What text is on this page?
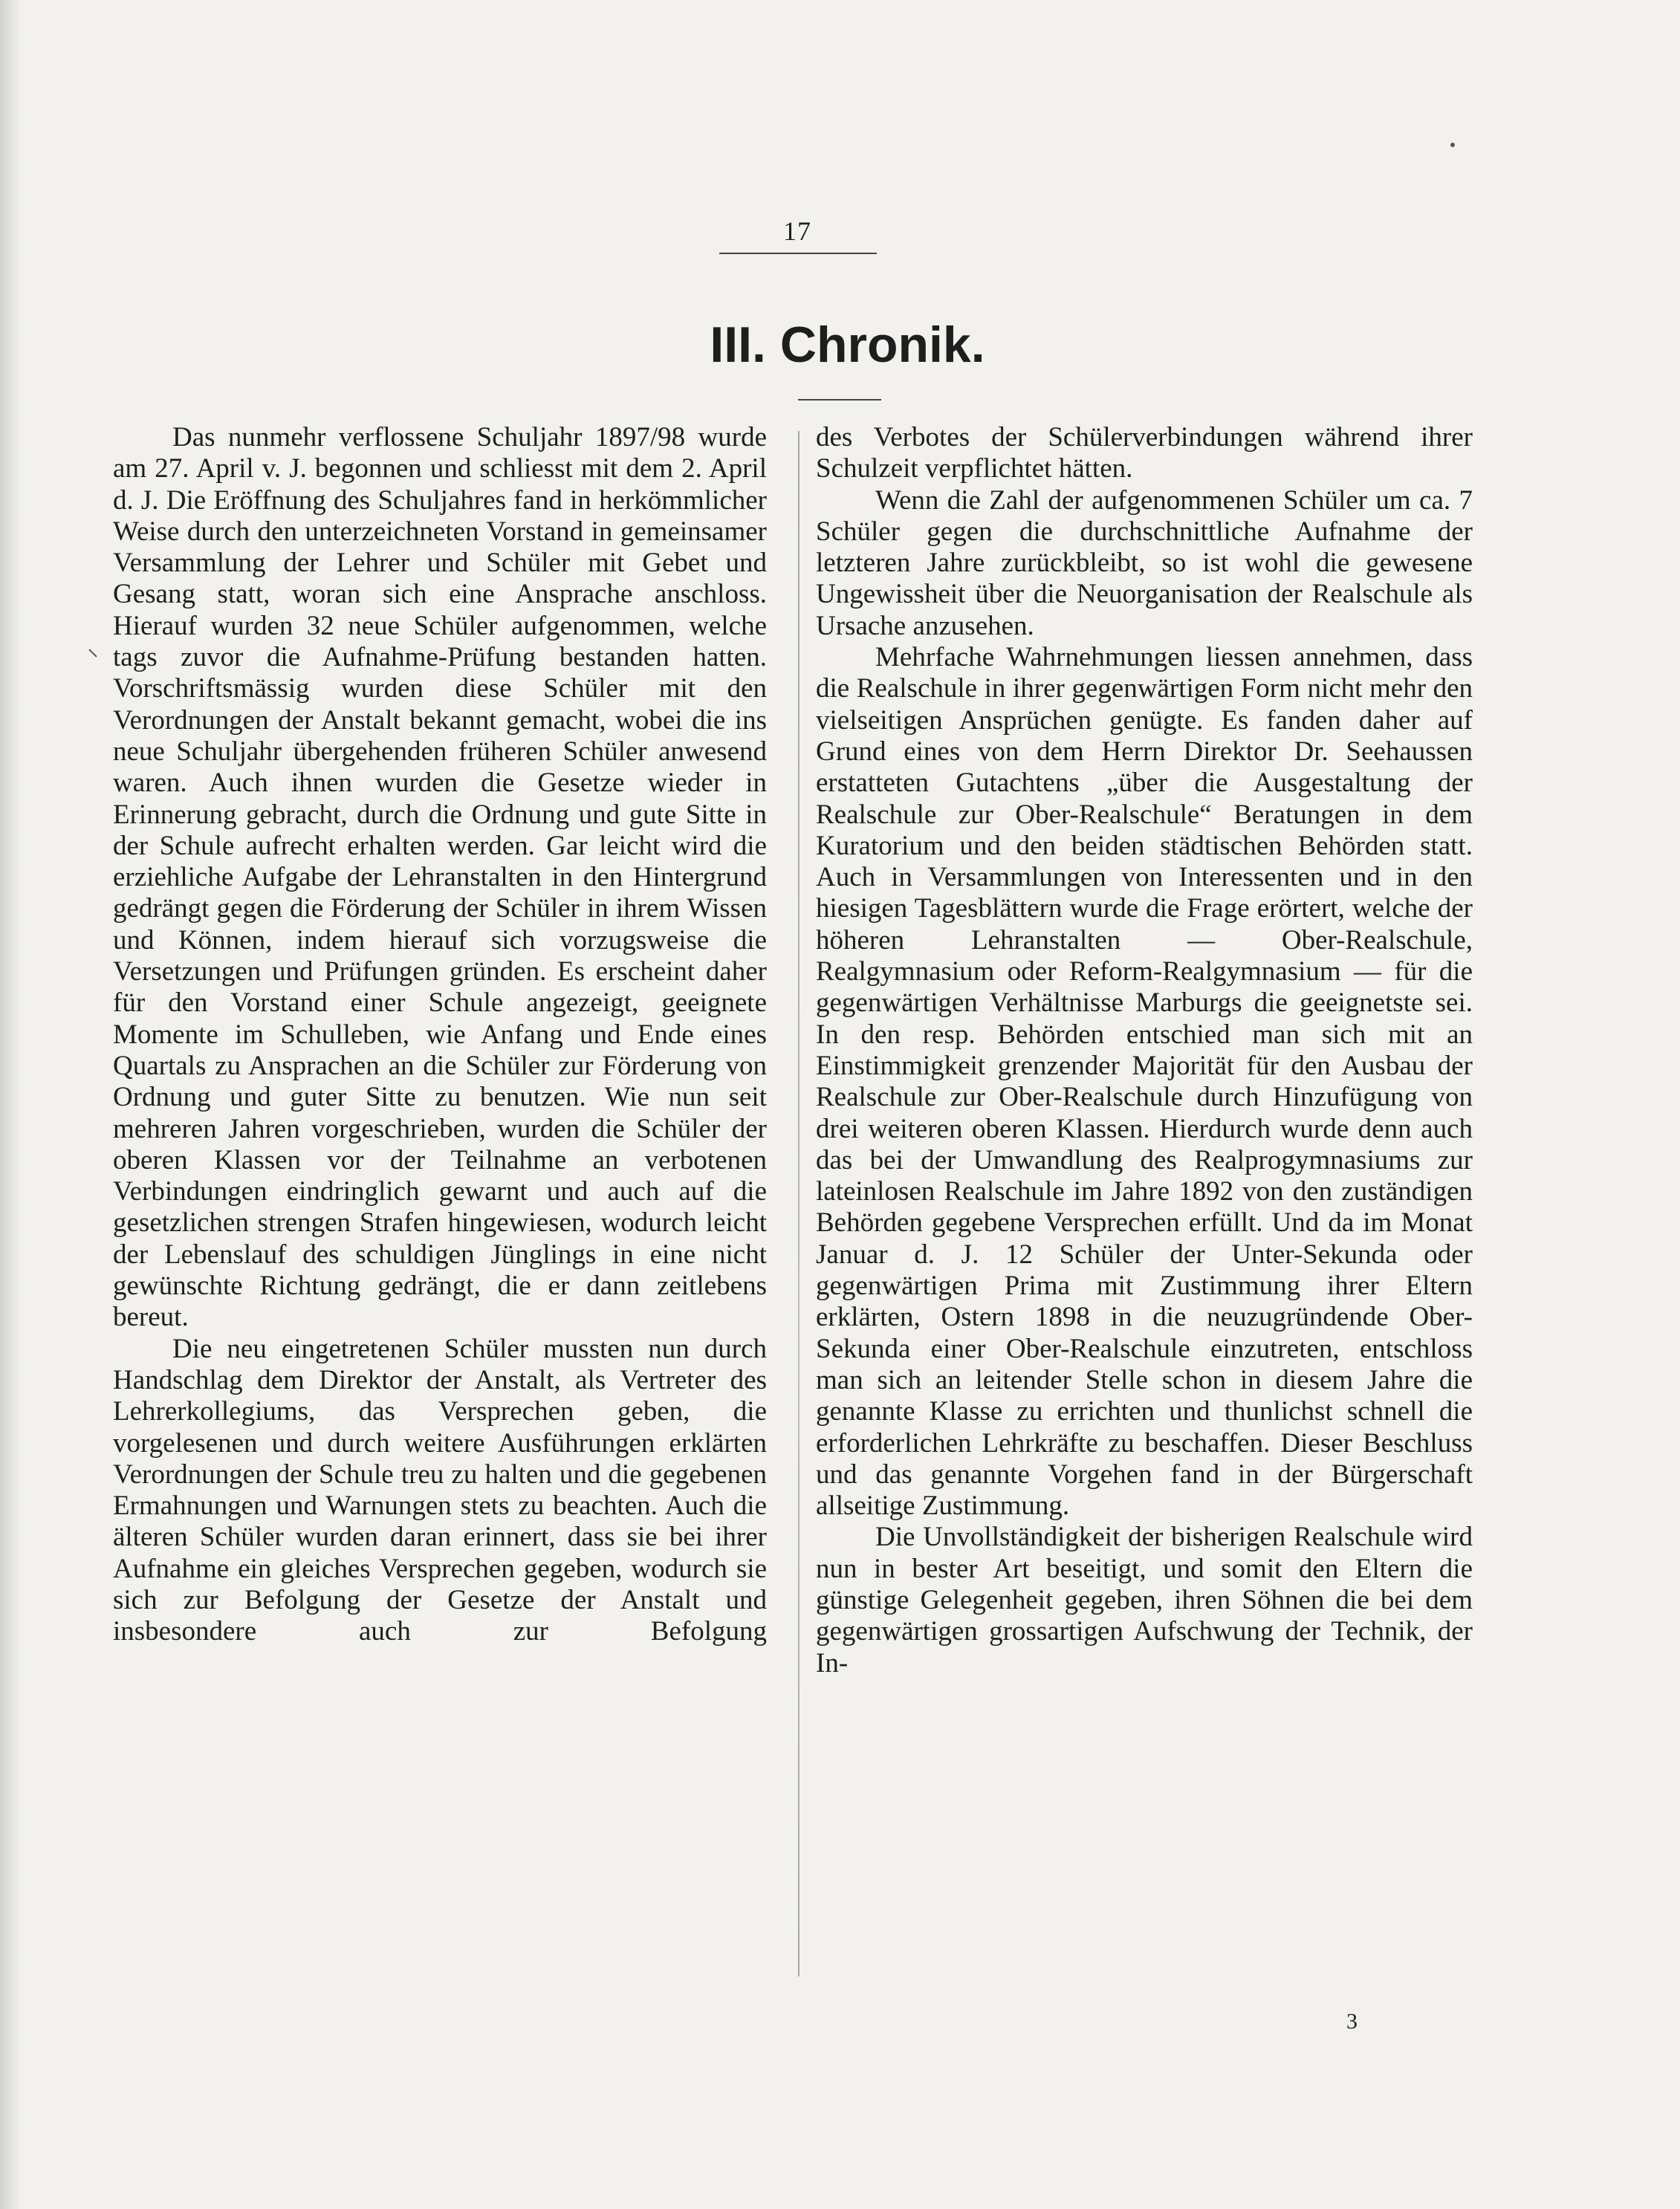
17
III. Chronik.

Das nunmehr verflossene Schuljahr 1897/98 wurde am 27. April v. J. begonnen und schliesst mit dem 2. April d. J. Die Eröffnung des Schuljahres fand in herkömmlicher Weise durch den unterzeichneten Vorstand in gemeinsamer Versammlung der Lehrer und Schüler mit Gebet und Gesang statt, woran sich eine Ansprache anschloss. Hierauf wurden 32 neue Schüler aufgenommen, welche tags zuvor die Aufnahme-Prüfung bestanden hatten. Vorschriftsmässig wurden diese Schüler mit den Verordnungen der Anstalt bekannt gemacht, wobei die ins neue Schuljahr übergehenden früheren Schüler anwesend waren. Auch ihnen wurden die Gesetze wieder in Erinnerung gebracht, durch die Ordnung und gute Sitte in der Schule aufrecht erhalten werden. Gar leicht wird die erziehliche Aufgabe der Lehranstalten in den Hintergrund gedrängt gegen die Förderung der Schüler in ihrem Wissen und Können, indem hierauf sich vorzugsweise die Versetzungen und Prüfungen gründen. Es erscheint daher für den Vorstand einer Schule angezeigt, geeignete Momente im Schulleben, wie Anfang und Ende eines Quartals zu Ansprachen an die Schüler zur Förderung von Ordnung und guter Sitte zu benutzen. Wie nun seit mehreren Jahren vorgeschrieben, wurden die Schüler der oberen Klassen vor der Teilnahme an verbotenen Verbindungen eindringlich gewarnt und auch auf die gesetzlichen strengen Strafen hingewiesen, wodurch leicht der Lebenslauf des schuldigen Jünglings in eine nicht gewünschte Richtung gedrängt, die er dann zeitlebens bereut.

Die neu eingetretenen Schüler mussten nun durch Handschlag dem Direktor der Anstalt, als Vertreter des Lehrerkollegiums, das Versprechen geben, die vorgelesenen und durch weitere Ausführungen erklärten Verordnungen der Schule treu zu halten und die gegebenen Ermahnungen und Warnungen stets zu beachten. Auch die älteren Schüler wurden daran erinnert, dass sie bei ihrer Aufnahme ein gleiches Versprechen gegeben, wodurch sie sich zur Befolgung der Gesetze der Anstalt und insbesondere auch zur Befolgung

des Verbotes der Schülerverbindungen während ihrer Schulzeit verpflichtet hätten.

Wenn die Zahl der aufgenommenen Schüler um ca. 7 Schüler gegen die durchschnittliche Aufnahme der letzteren Jahre zurückbleibt, so ist wohl die gewesene Ungewissheit über die Neuorganisation der Realschule als Ursache anzusehen.

Mehrfache Wahrnehmungen liessen annehmen, dass die Realschule in ihrer gegenwärtigen Form nicht mehr den vielseitigen Ansprüchen genügte. Es fanden daher auf Grund eines von dem Herrn Direktor Dr. Seehaussen erstatteten Gutachtens „über die Ausgestaltung der Realschule zur Ober-Realschule“ Beratungen in dem Kuratorium und den beiden städtischen Behörden statt. Auch in Versammlungen von Interessenten und in den hiesigen Tagesblättern wurde die Frage erörtert, welche der höheren Lehranstalten — Ober-Realschule, Realgymnasium oder Reform-Realgymnasium — für die gegenwärtigen Verhältnisse Marburgs die geeignetste sei. In den resp. Behörden entschied man sich mit an Einstimmigkeit grenzender Majorität für den Ausbau der Realschule zur Ober-Realschule durch Hinzufügung von drei weiteren oberen Klassen. Hierdurch wurde denn auch das bei der Umwandlung des Realprogymnasiums zur lateinlosen Realschule im Jahre 1892 von den zuständigen Behörden gegebene Versprechen erfüllt. Und da im Monat Januar d. J. 12 Schüler der Unter-Sekunda oder gegenwärtigen Prima mit Zustimmung ihrer Eltern erklärten, Ostern 1898 in die neuzugründende Ober-Sekunda einer Ober-Realschule einzutreten, entschloss man sich an leitender Stelle schon in diesem Jahre die genannte Klasse zu errichten und thunlichst schnell die erforderlichen Lehrkräfte zu beschaffen. Dieser Beschluss und das genannte Vorgehen fand in der Bürgerschaft allseitige Zustimmung.

Die Unvollständigkeit der bisherigen Realschule wird nun in bester Art beseitigt, und somit den Eltern die günstige Gelegenheit gegeben, ihren Söhnen die bei dem gegenwärtigen grossartigen Aufschwung der Technik, der In-

3
